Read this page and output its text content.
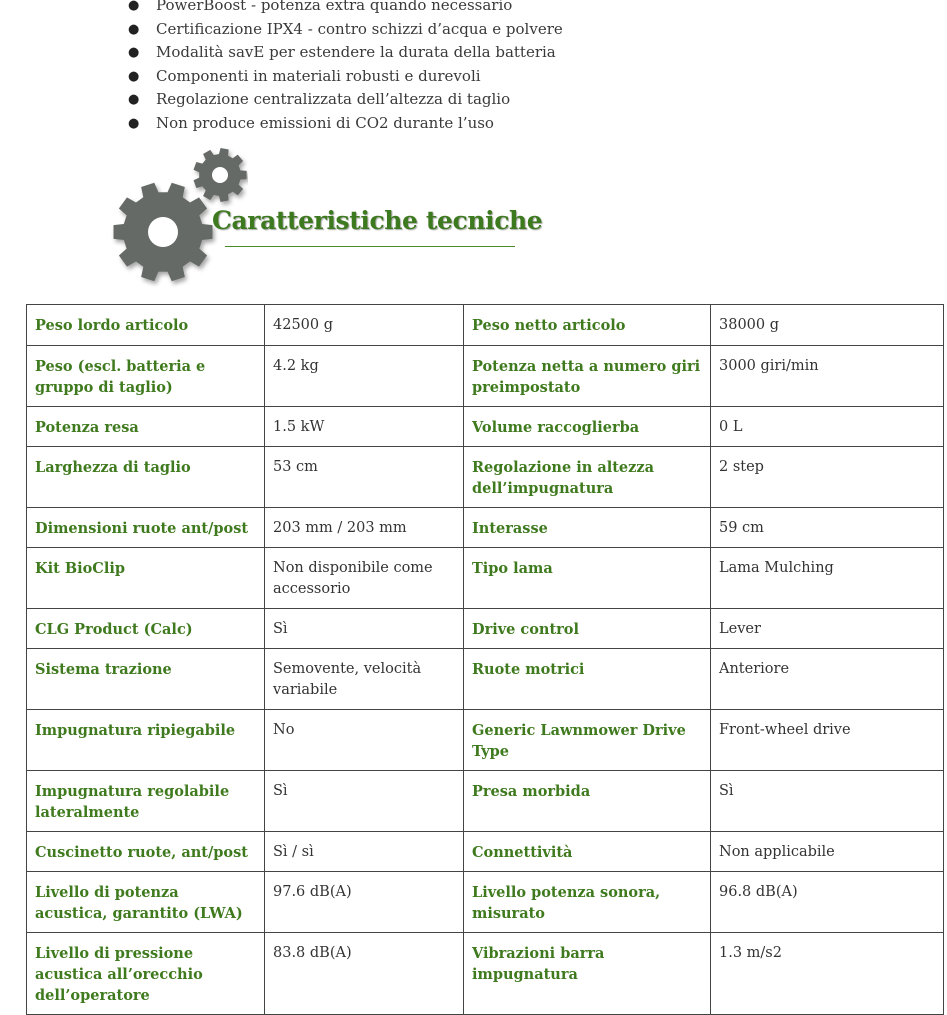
● PowerBoost - potenza extra quando necessario
● Certificazione IPX4 - contro schizzi d’acqua e polvere
● Modalità savE per estendere la durata della batteria
● Componenti in materiali robusti e durevoli
● Regolazione centralizzata dell’altezza di taglio
● Non produce emissioni di CO2 durante l’uso
Caratteristiche tecniche
Peso lordo articolo	42500 g	Peso netto articolo	38000 g
Peso (escl. batteria e gruppo di taglio)	4.2 kg	Potenza netta a numero giri preimpostato	3000 giri/min
Potenza resa	1.5 kW	Volume raccoglierba	0 L
Larghezza di taglio	53 cm	Regolazione in altezza dell’impugnatura	2 step
Dimensioni ruote ant/post	203 mm / 203 mm	Interasse	59 cm
Kit BioClip	Non disponibile come accessorio	Tipo lama	Lama Mulching
CLG Product (Calc)	Sì	Drive control	Lever
Sistema trazione	Semovente, velocità variabile	Ruote motrici	Anteriore
Impugnatura ripiegabile	No	Generic Lawnmower Drive Type	Front-wheel drive
Impugnatura regolabile lateralmente	Sì	Presa morbida	Sì
Cuscinetto ruote, ant/post	Sì / sì	Connettività	Non applicabile
Livello di potenza acustica, garantito (LWA)	97.6 dB(A)	Livello potenza sonora, misurato	96.8 dB(A)
Livello di pressione acustica all’orecchio dell’operatore	83.8 dB(A)	Vibrazioni barra impugnatura	1.3 m/s2
